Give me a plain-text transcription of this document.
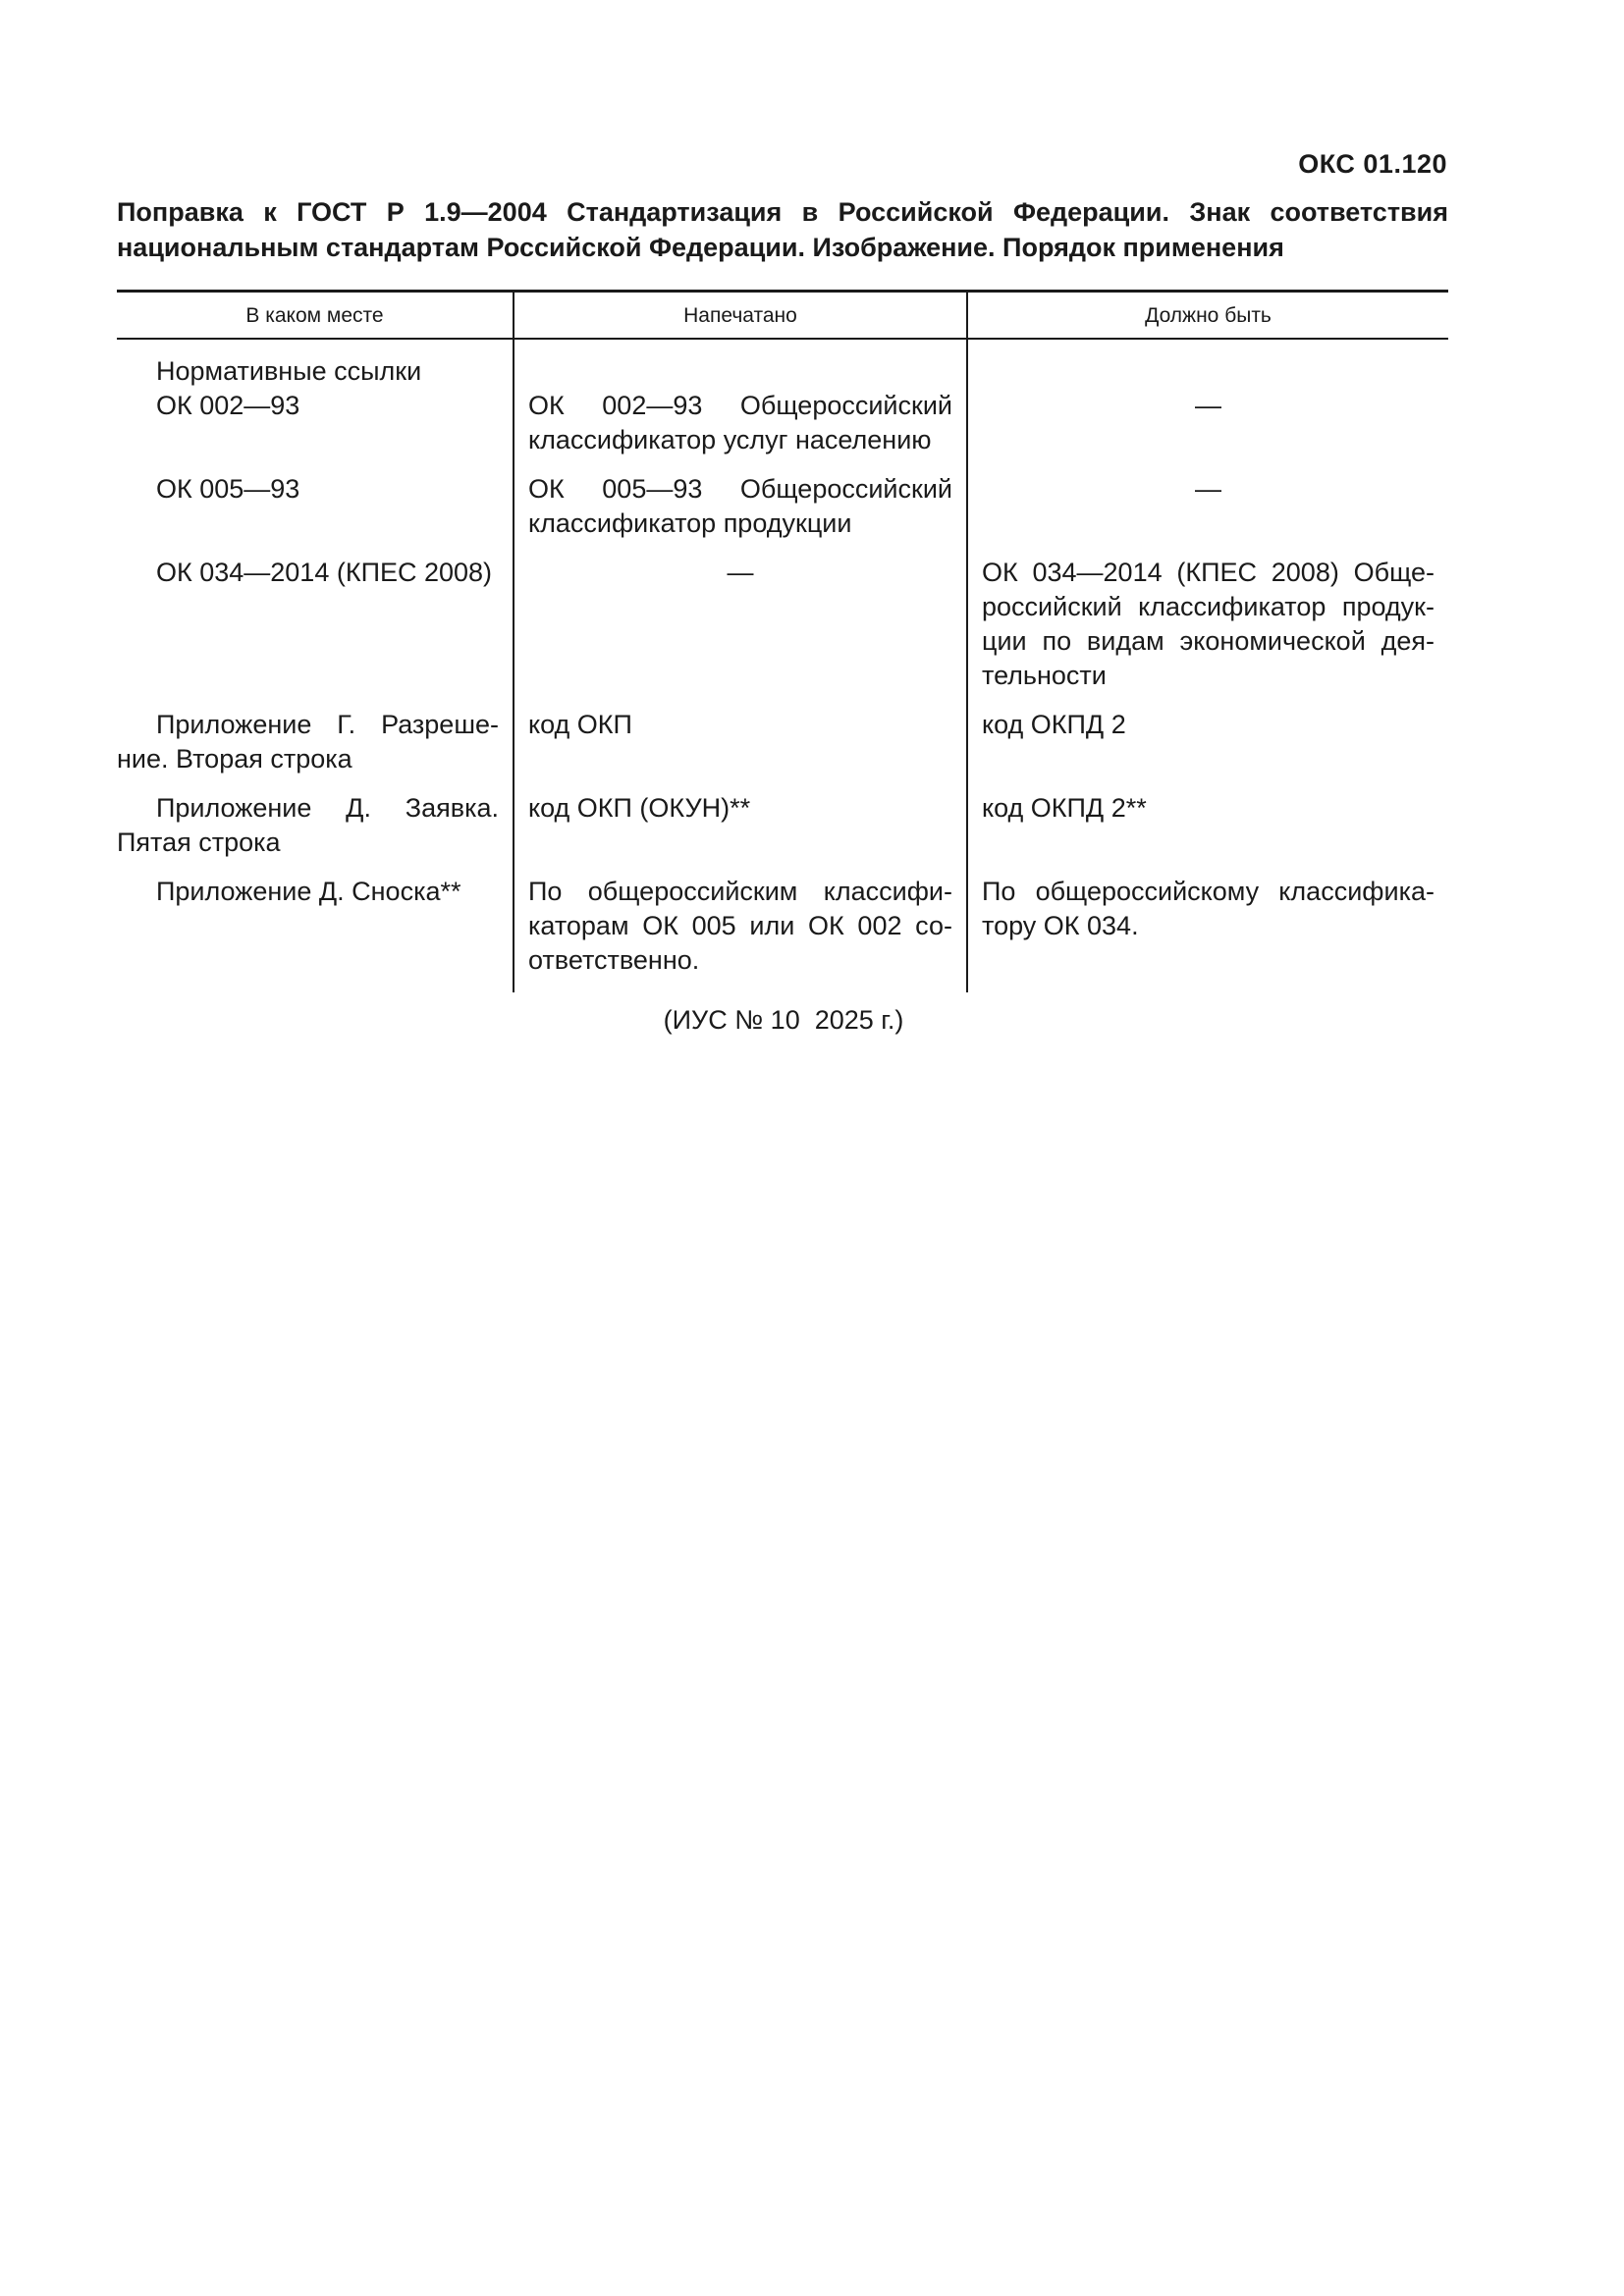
ОКС 01.120
Поправка к ГОСТ Р 1.9—2004 Стандартизация в Российской Федерации. Знак соответствия
национальным стандартам Российской Федерации. Изображение. Порядок применения
В каком месте	Напечатано	Должно быть

Нормативные ссылки
ОК 002—93	ОК 002—93 Общероссийский классификатор услуг населению	—

ОК 005—93	ОК 005—93 Общероссийский классификатор продукции	—

ОК 034—2014 (КПЕС 2008)	—	ОК 034—2014 (КПЕС 2008) Общероссийский классификатор продукции по видам экономической деятельности

Приложение Г. Разрешение. Вторая строка	код ОКП	код ОКПД 2

Приложение Д. Заявка. Пятая строка	код ОКП (ОКУН)**	код ОКПД 2**

Приложение Д. Сноска**	По общероссийским классификаторам ОК 005 или ОК 002 соответственно.	По общероссийскому классификатору ОК 034.

(ИУС № 10  2025 г.)
